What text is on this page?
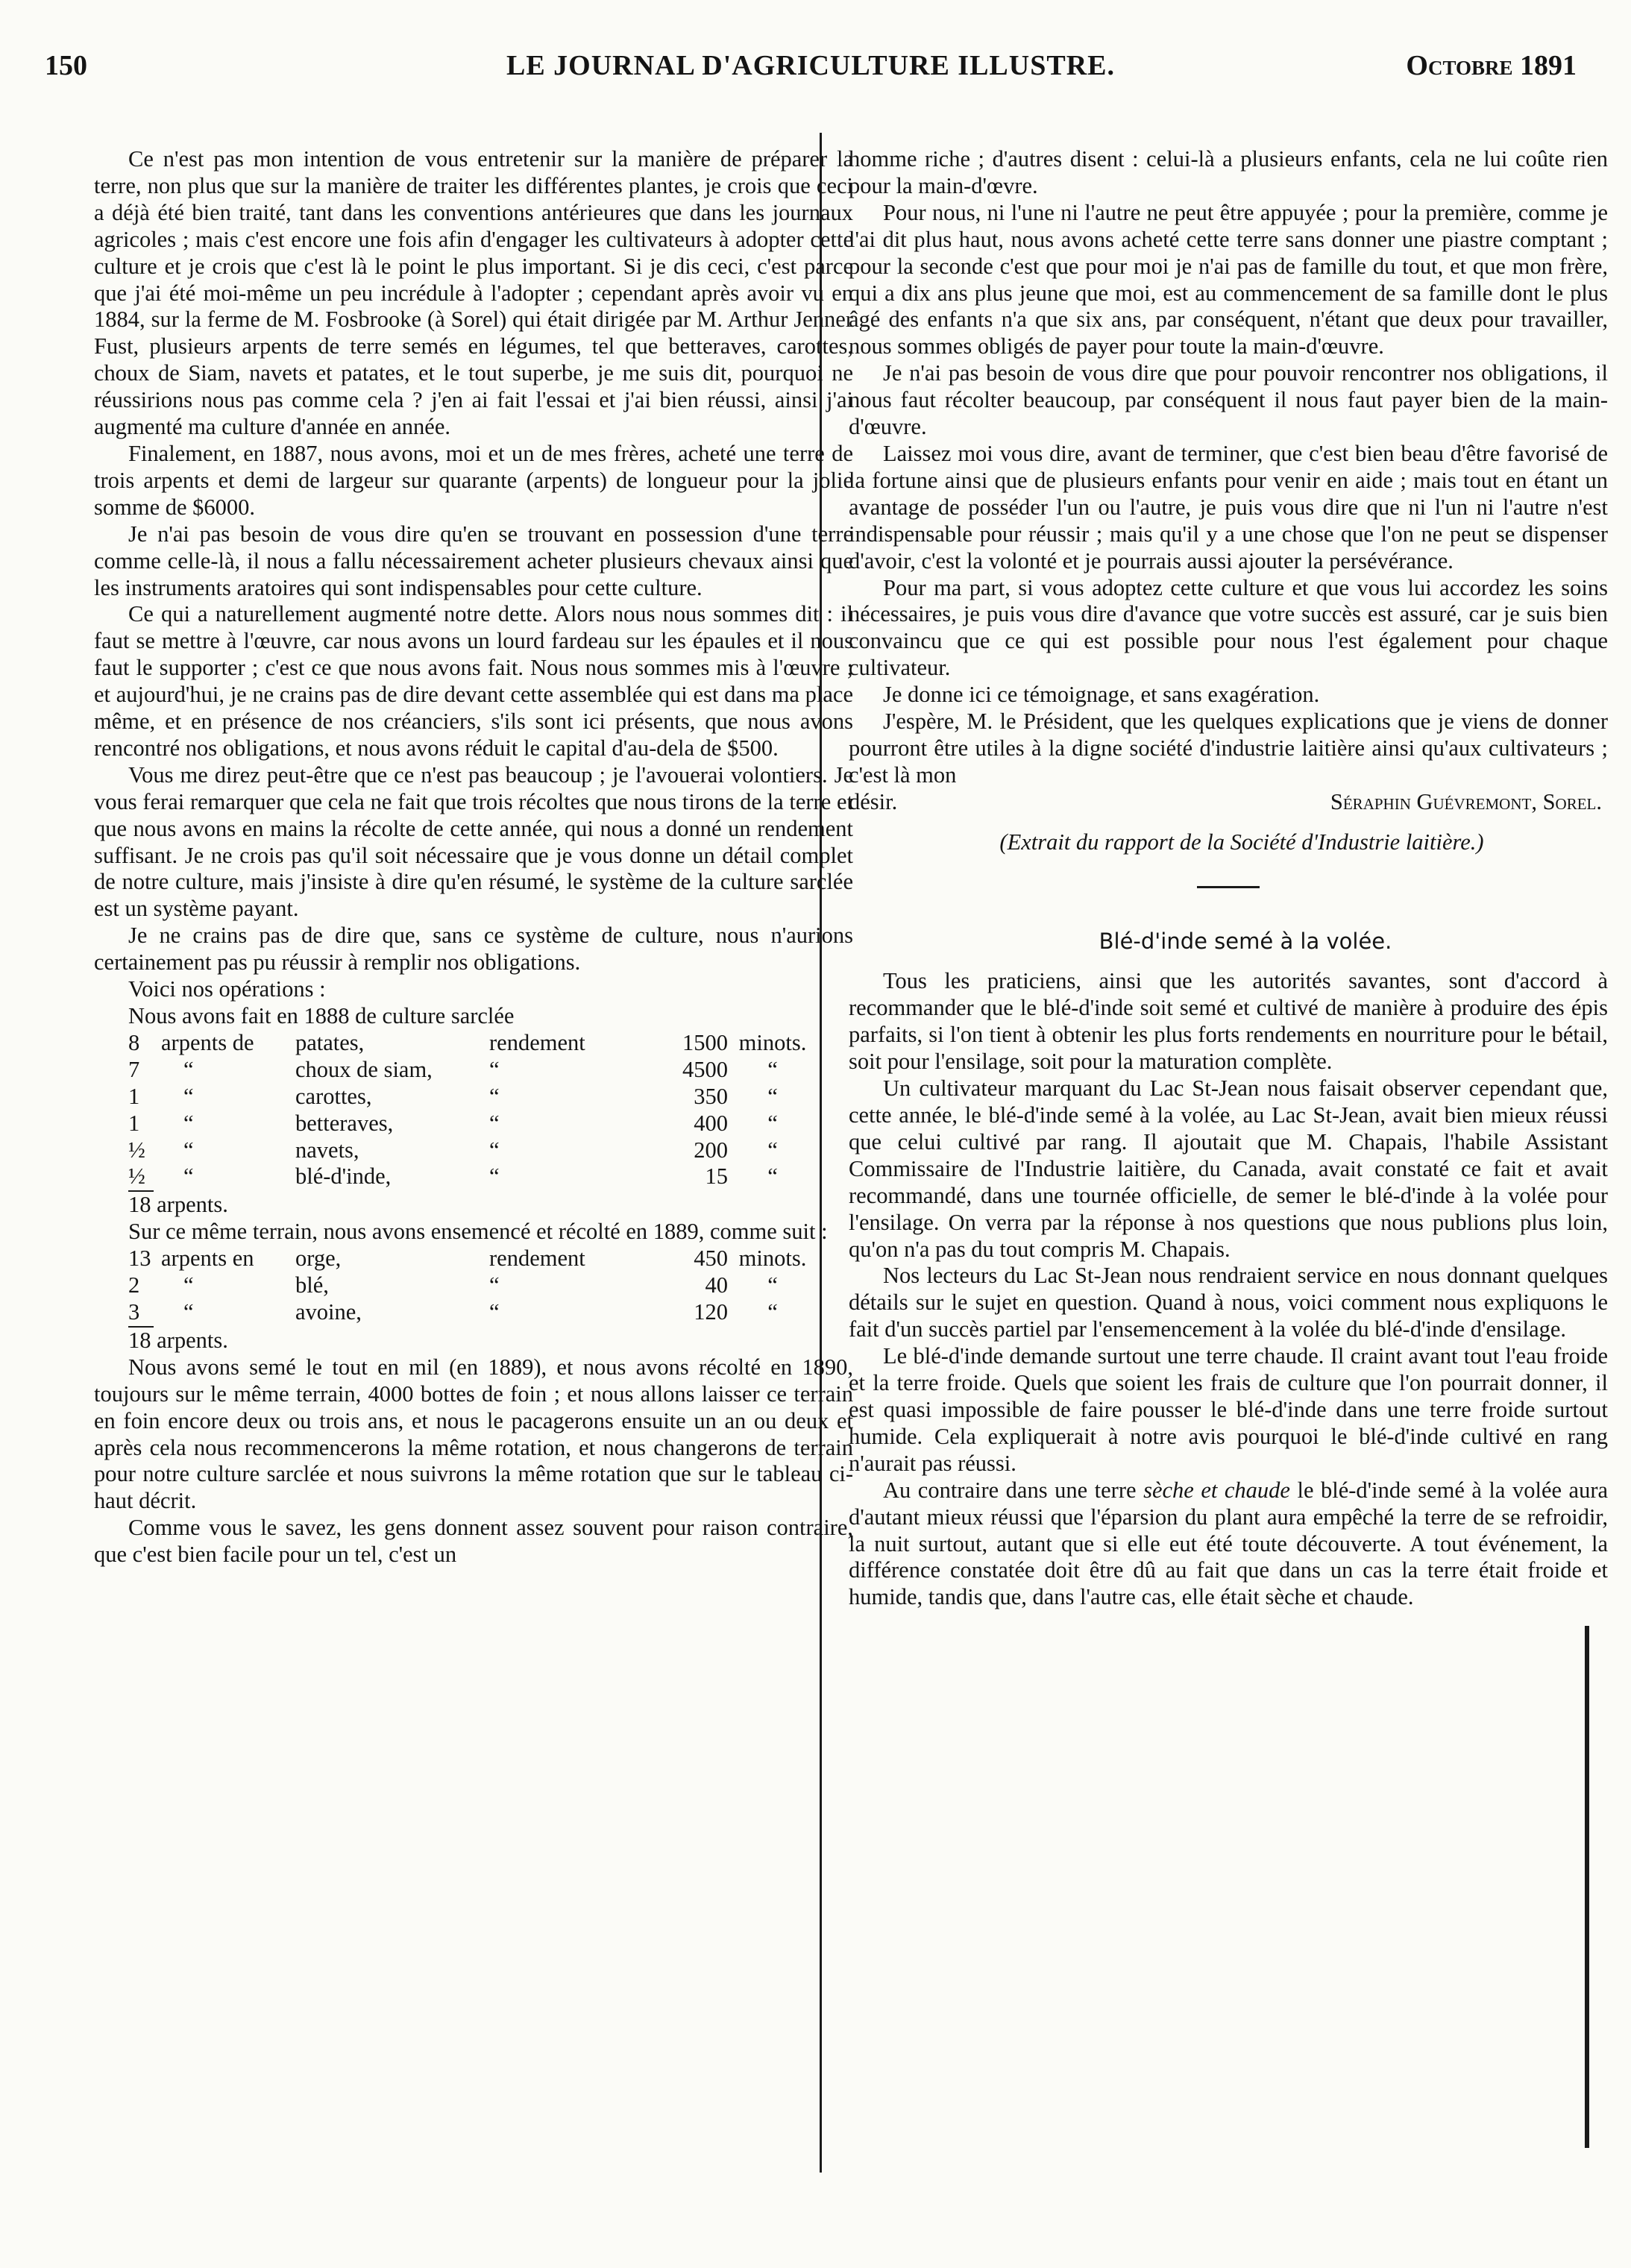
150	LE JOURNAL D'AGRICULTURE ILLUSTRE.	Octobre 1891

Ce n'est pas mon intention de vous entretenir sur la manière de préparer la terre, non plus que sur la manière de traiter les différentes plantes, je crois que ceci a déjà été bien traité, tant dans les conventions antérieures que dans les journaux agricoles ; mais c'est encore une fois afin d'engager les cultivateurs à adopter cette culture et je crois que c'est là le point le plus important. Si je dis ceci, c'est parce que j'ai été moi-même un peu incrédule à l'adopter ; cependant après avoir vu en 1884, sur la ferme de M. Fosbrooke (à Sorel) qui était dirigée par M. Arthur Jenner Fust, plusieurs arpents de terre semés en légumes, tel que betteraves, carottes, choux de Siam, navets et patates, et le tout superbe, je me suis dit, pourquoi ne réussirions nous pas comme cela ? j'en ai fait l'essai et j'ai bien réussi, ainsi j'ai augmenté ma culture d'année en année.

Finalement, en 1887, nous avons, moi et un de mes frères, acheté une terre de trois arpents et demi de largeur sur quarante (arpents) de longueur pour la jolie somme de $6000.

Je n'ai pas besoin de vous dire qu'en se trouvant en possession d'une terre comme celle-là, il nous a fallu nécessairement acheter plusieurs chevaux ainsi que les instruments aratoires qui sont indispensables pour cette culture.

Ce qui a naturellement augmenté notre dette. Alors nous nous sommes dit : il faut se mettre à l'œuvre, car nous avons un lourd fardeau sur les épaules et il nous faut le supporter ; c'est ce que nous avons fait. Nous nous sommes mis à l'œuvre ; et aujourd'hui, je ne crains pas de dire devant cette assemblée qui est dans ma place même, et en présence de nos créanciers, s'ils sont ici présents, que nous avons rencontré nos obligations, et nous avons réduit le capital d'au-dela de $500.

Vous me direz peut-être que ce n'est pas beaucoup ; je l'avouerai volontiers. Je vous ferai remarquer que cela ne fait que trois récoltes que nous tirons de la terre et que nous avons en mains la récolte de cette année, qui nous a donné un rendement suffisant. Je ne crois pas qu'il soit nécessaire que je vous donne un détail complet de notre culture, mais j'insiste à dire qu'en résumé, le système de la culture sarclée est un système payant.

Je ne crains pas de dire que, sans ce système de culture, nous n'aurions certainement pas pu réussir à remplir nos obligations.

Voici nos opérations :

Nous avons fait en 1888 de culture sarclée

8	arpents de	patates,	rendement	1500	minots.
7	“	choux de siam,	“	4500	“
1	“	carottes,	“	350	“
1	“	betteraves,	“	400	“
½	“	navets,	“	200	“
½	“	blé-d'inde,	“	15	“

18 arpents.

Sur ce même terrain, nous avons ensemencé et récolté en 1889, comme suit :

13	arpents en	orge,	rendement	450	minots.
2	“	blé,	“	40	“
3	“	avoine,	“	120	“

18 arpents.

Nous avons semé le tout en mil (en 1889), et nous avons récolté en 1890, toujours sur le même terrain, 4000 bottes de foin ; et nous allons laisser ce terrain en foin encore deux ou trois ans, et nous le pacagerons ensuite un an ou deux et après cela nous recommencerons la même rotation, et nous changerons de terrain pour notre culture sarclée et nous suivrons la même rotation que sur le tableau ci-haut décrit.

Comme vous le savez, les gens donnent assez souvent pour raison contraire, que c'est bien facile pour un tel, c'est un

homme riche ; d'autres disent : celui-là a plusieurs enfants, cela ne lui coûte rien pour la main-d'œvre.

Pour nous, ni l'une ni l'autre ne peut être appuyée ; pour la première, comme je l'ai dit plus haut, nous avons acheté cette terre sans donner une piastre comptant ; pour la seconde c'est que pour moi je n'ai pas de famille du tout, et que mon frère, qui a dix ans plus jeune que moi, est au commencement de sa famille dont le plus âgé des enfants n'a que six ans, par conséquent, n'étant que deux pour travailler, nous sommes obligés de payer pour toute la main-d'œuvre.

Je n'ai pas besoin de vous dire que pour pouvoir rencontrer nos obligations, il nous faut récolter beaucoup, par conséquent il nous faut payer bien de la main-d'œuvre.

Laissez moi vous dire, avant de terminer, que c'est bien beau d'être favorisé de la fortune ainsi que de plusieurs enfants pour venir en aide ; mais tout en étant un avantage de posséder l'un ou l'autre, je puis vous dire que ni l'un ni l'autre n'est indispensable pour réussir ; mais qu'il y a une chose que l'on ne peut se dispenser d'avoir, c'est la volonté et je pourrais aussi ajouter la persévérance.

Pour ma part, si vous adoptez cette culture et que vous lui accordez les soins nécessaires, je puis vous dire d'avance que votre succès est assuré, car je suis bien convaincu que ce qui est possible pour nous l'est également pour chaque cultivateur.

Je donne ici ce témoignage, et sans exagération.

J'espère, M. le Président, que les quelques explications que je viens de donner pourront être utiles à la digne société d'industrie laitière ainsi qu'aux cultivateurs ; c'est là mon

désir.	Séraphin Guévremont, Sorel.

(Extrait du rapport de la Société d'Industrie laitière.)

Blé-d'inde semé à la volée.

Tous les praticiens, ainsi que les autorités savantes, sont d'accord à recommander que le blé-d'inde soit semé et cultivé de manière à produire des épis parfaits, si l'on tient à obtenir les plus forts rendements en nourriture pour le bétail, soit pour l'ensilage, soit pour la maturation complète.

Un cultivateur marquant du Lac St-Jean nous faisait observer cependant que, cette année, le blé-d'inde semé à la volée, au Lac St-Jean, avait bien mieux réussi que celui cultivé par rang. Il ajoutait que M. Chapais, l'habile Assistant Commissaire de l'Industrie laitière, du Canada, avait constaté ce fait et avait recommandé, dans une tournée officielle, de semer le blé-d'inde à la volée pour l'ensilage. On verra par la réponse à nos questions que nous publions plus loin, qu'on n'a pas du tout compris M. Chapais.

Nos lecteurs du Lac St-Jean nous rendraient service en nous donnant quelques détails sur le sujet en question. Quand à nous, voici comment nous expliquons le fait d'un succès partiel par l'ensemencement à la volée du blé-d'inde d'ensilage.

Le blé-d'inde demande surtout une terre chaude. Il craint avant tout l'eau froide et la terre froide. Quels que soient les frais de culture que l'on pourrait donner, il est quasi impossible de faire pousser le blé-d'inde dans une terre froide surtout humide. Cela expliquerait à notre avis pourquoi le blé-d'inde cultivé en rang n'aurait pas réussi.

Au contraire dans une terre sèche et chaude le blé-d'inde semé à la volée aura d'autant mieux réussi que l'éparsion du plant aura empêché la terre de se refroidir, la nuit surtout, autant que si elle eut été toute découverte. A tout événement, la différence constatée doit être dû au fait que dans un cas la terre était froide et humide, tandis que, dans l'autre cas, elle était sèche et chaude.
